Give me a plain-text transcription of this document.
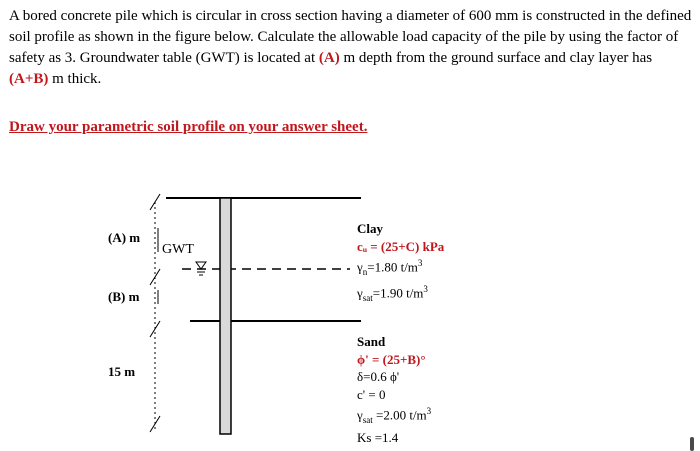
A bored concrete pile which is circular in cross section having a diameter of 600 mm is constructed in the defined soil profile as shown in the figure below. Calculate the allowable load capacity of the pile by using the factor of safety as 3. Groundwater table (GWT) is located at (A) m depth from the ground surface and clay layer has (A+B) m thick.
Draw your parametric soil profile on your answer sheet.
(A) m
(B) m
15 m
GWT
Clay
cᵤ = (25+C) kPa
$\gamma_n=1.80$ $t/m^3$
$\gamma_{sat}=1.90$ $t/m^3$
Sand
ϕ' = (25+B)°
δ=0.6 ϕ'
c' = 0
$\gamma_{sat} =2.00$ $t/m^3$
Ks =1.4
